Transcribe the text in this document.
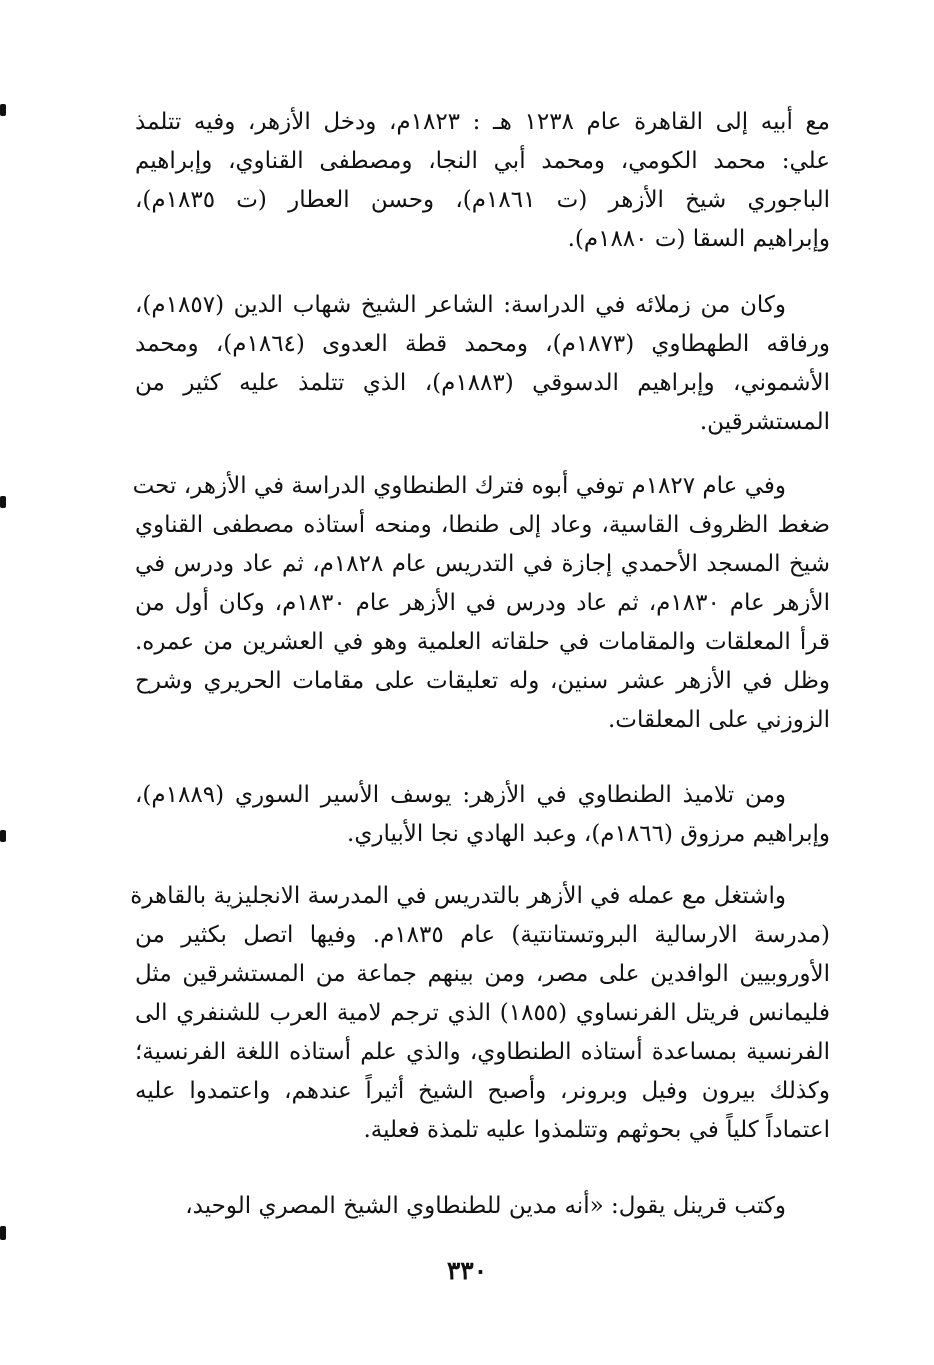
مع أبيه إلى القاهرة عام ١٢٣٨ هـ : ١٨٢٣م، ودخل الأزهر، وفيه تتلمذ
علي: محمد الكومي، ومحمد أبي النجا، ومصطفى القناوي، وإبراهيم
الباجوري شيخ الأزهر (ت ١٨٦١م)، وحسن العطار (ت ١٨٣٥م)،
وإبراهيم السقا (ت ١٨٨٠م).
وكان من زملائه في الدراسة: الشاعر الشيخ شهاب الدين (١٨٥٧م)،
ورفاقه الطهطاوي (١٨٧٣م)، ومحمد قطة العدوى (١٨٦٤م)، ومحمد
الأشموني، وإبراهيم الدسوقي (١٨٨٣م)، الذي تتلمذ عليه كثير من
المستشرقين.
وفي عام ١٨٢٧م توفي أبوه فترك الطنطاوي الدراسة في الأزهر، تحت
ضغط الظروف القاسية، وعاد إلى طنطا، ومنحه أستاذه مصطفى القناوي
شيخ المسجد الأحمدي إجازة في التدريس عام ١٨٢٨م، ثم عاد ودرس في
الأزهر عام ١٨٣٠م، ثم عاد ودرس في الأزهر عام ١٨٣٠م، وكان أول من
قرأ المعلقات والمقامات في حلقاته العلمية وهو في العشرين من عمره.
وظل في الأزهر عشر سنين، وله تعليقات على مقامات الحريري وشرح
الزوزني على المعلقات.
ومن تلاميذ الطنطاوي في الأزهر: يوسف الأسير السوري (١٨٨٩م)،
وإبراهيم مرزوق (١٨٦٦م)، وعبد الهادي نجا الأبياري.
واشتغل مع عمله في الأزهر بالتدريس في المدرسة الانجليزية بالقاهرة
(مدرسة الارسالية البروتستانتية) عام ١٨٣٥م. وفيها اتصل بكثير من
الأوروبيين الوافدين على مصر، ومن بينهم جماعة من المستشرقين مثل
فليمانس فريتل الفرنساوي (١٨٥٥) الذي ترجم لامية العرب للشنفري الى
الفرنسية بمساعدة أستاذه الطنطاوي، والذي علم أستاذه اللغة الفرنسية؛
وكذلك بيرون وفيل وبرونر، وأصبح الشيخ أثيراً عندهم، واعتمدوا عليه
اعتماداً كلياً في بحوثهم وتتلمذوا عليه تلمذة فعلية.
وكتب قرينل يقول: «أنه مدين للطنطاوي الشيخ المصري الوحيد،
٣٣٠
